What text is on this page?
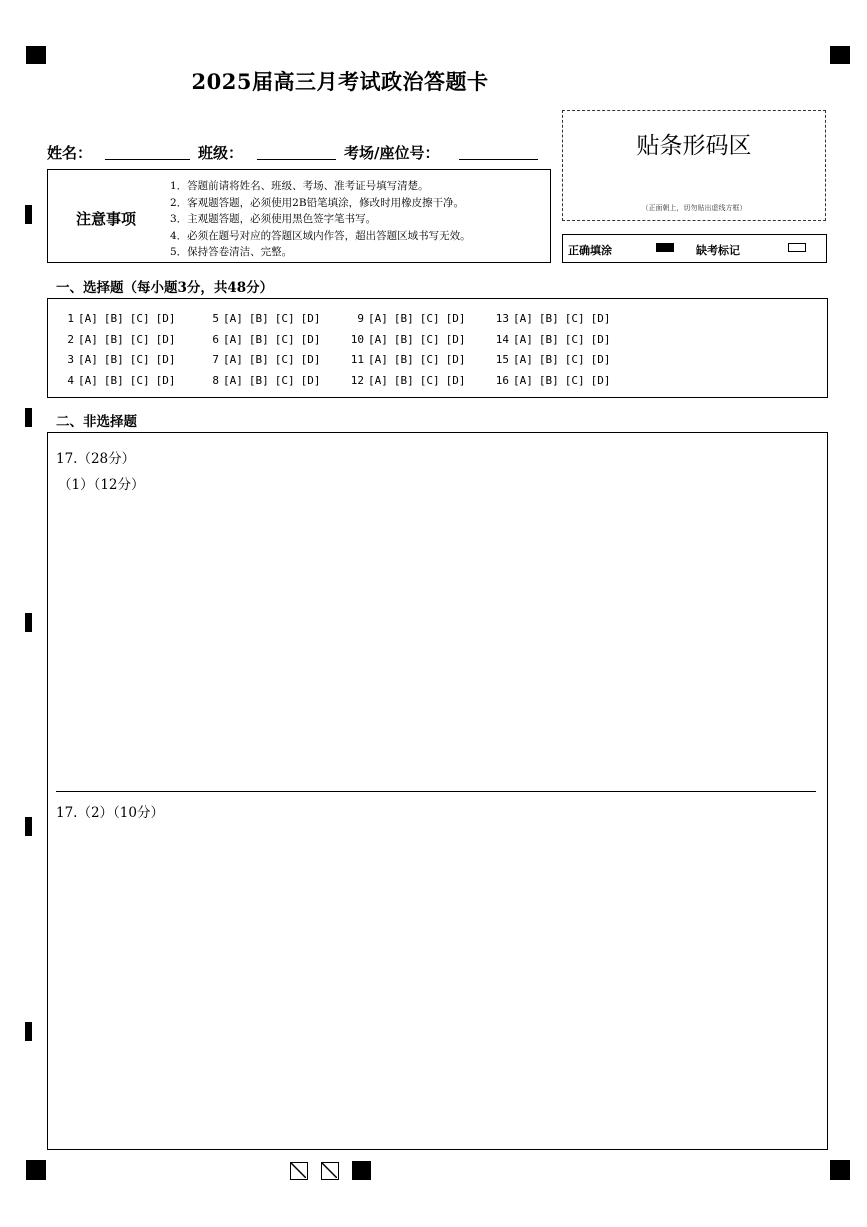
2025届高三月考试政治答题卡
姓名：	班级：	考场/座位号：	贴条形码区
（正面朝上，切勿贴出虚线方框）
正确填涂	缺考标记
注意事项
1．答题前请将姓名、班级、考场、准考证号填写清楚。
2．客观题答题，必须使用2B铅笔填涂，修改时用橡皮擦干净。
3．主观题答题，必须使用黑色签字笔书写。
4．必须在题号对应的答题区域内作答，超出答题区域书写无效。
5．保持答卷清洁、完整。
一、选择题（每小题3分，共48分）
1 [A] [B] [C] [D]
2 [A] [B] [C] [D]
3 [A] [B] [C] [D]
4 [A] [B] [C] [D]
5 [A] [B] [C] [D]
6 [A] [B] [C] [D]
7 [A] [B] [C] [D]
8 [A] [B] [C] [D]
9 [A] [B] [C] [D]
10 [A] [B] [C] [D]
11 [A] [B] [C] [D]
12 [A] [B] [C] [D]
13 [A] [B] [C] [D]
14 [A] [B] [C] [D]
15 [A] [B] [C] [D]
16 [A] [B] [C] [D]
二、非选择题
17.（28分）
（1）（12分）
17.（2）（10分）
